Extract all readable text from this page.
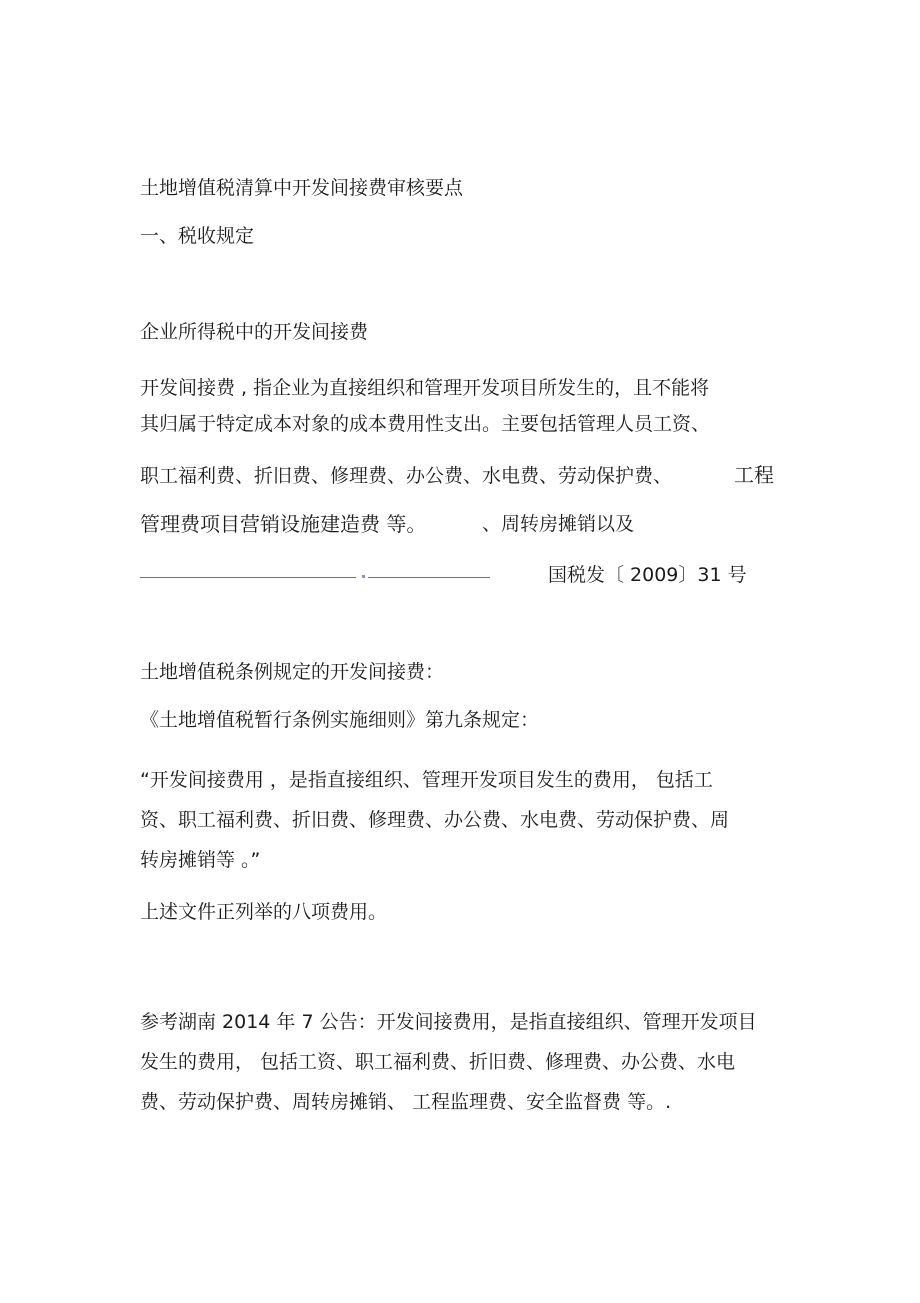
土地增值税清算中开发间接费审核要点
一、税收规定
企业所得税中的开发间接费
开发间接费 , 指企业为直接组织和管理开发项目所发生的，且不能将
其归属于特定成本对象的成本费用性支出。主要包括管理人员工资、
职工福利费、折旧费、修理费、办公费、水电费、劳动保护费、	工程
管理费项目营销设施建造费 等。	、周转房摊销以及
国税发〔 2009〕31 号
土地增值税条例规定的开发间接费：
《土地增值税暂行条例实施细则》第九条规定：
“开发间接费用 ，是指直接组织、管理开发项目发生的费用， 包括工
资、职工福利费、折旧费、修理费、办公费、水电费、劳动保护费、周
转房摊销等 。”
上述文件正列举的八项费用。
参考湖南 2014 年 7 公告：开发间接费用，是指直接组织、管理开发项目
发生的费用， 包括工资、职工福利费、折旧费、修理费、办公费、水电
费、劳动保护费、周转房摊销、 工程监理费、安全监督费 等。.
